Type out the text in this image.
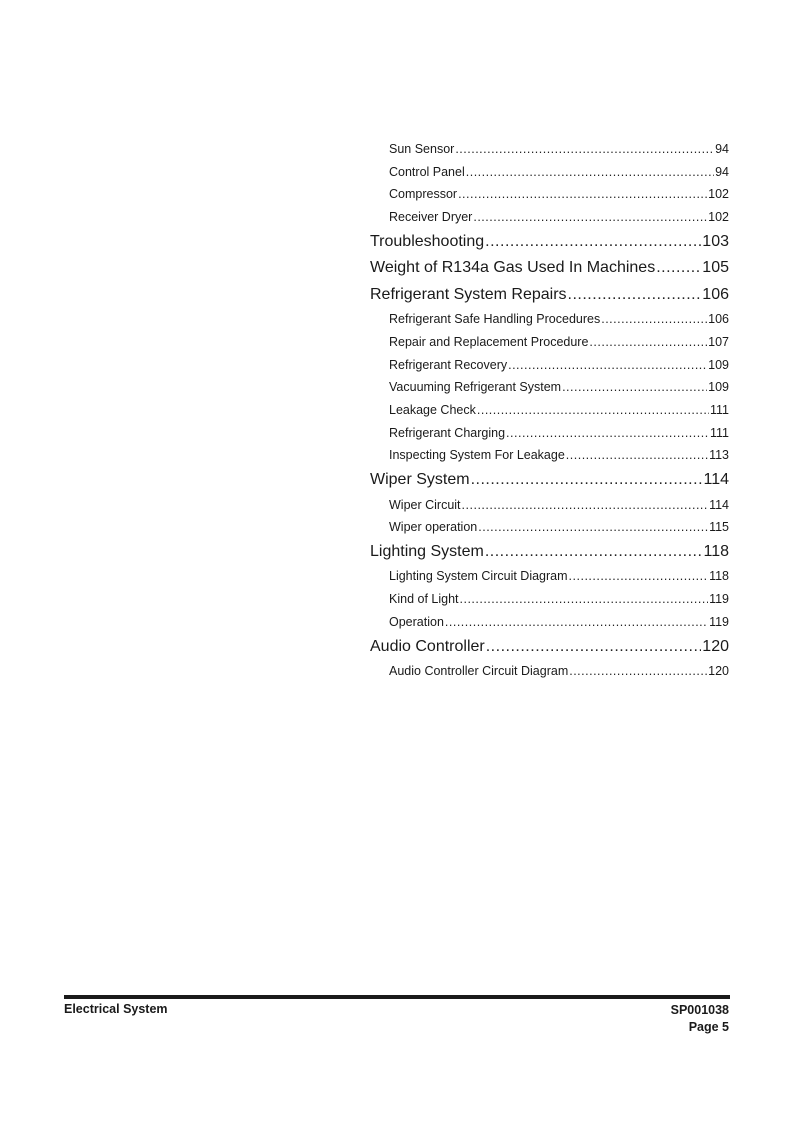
Sun Sensor .....	94
Control Panel .....	94
Compressor .....	102
Receiver Dryer .....	102
Troubleshooting .....	103
Weight of R134a Gas Used In Machines .....	105
Refrigerant System Repairs .....	106
Refrigerant Safe Handling Procedures .....	106
Repair and Replacement Procedure .....	107
Refrigerant Recovery .....	109
Vacuuming Refrigerant System .....	109
Leakage Check .....	111
Refrigerant Charging .....	111
Inspecting System For Leakage .....	113
Wiper System .....	114
Wiper Circuit .....	114
Wiper operation .....	115
Lighting System .....	118
Lighting System Circuit Diagram .....	118
Kind of Light .....	119
Operation .....	119
Audio Controller .....	120
Audio Controller Circuit Diagram .....	120
Electrical System	SP001038
Page 5
